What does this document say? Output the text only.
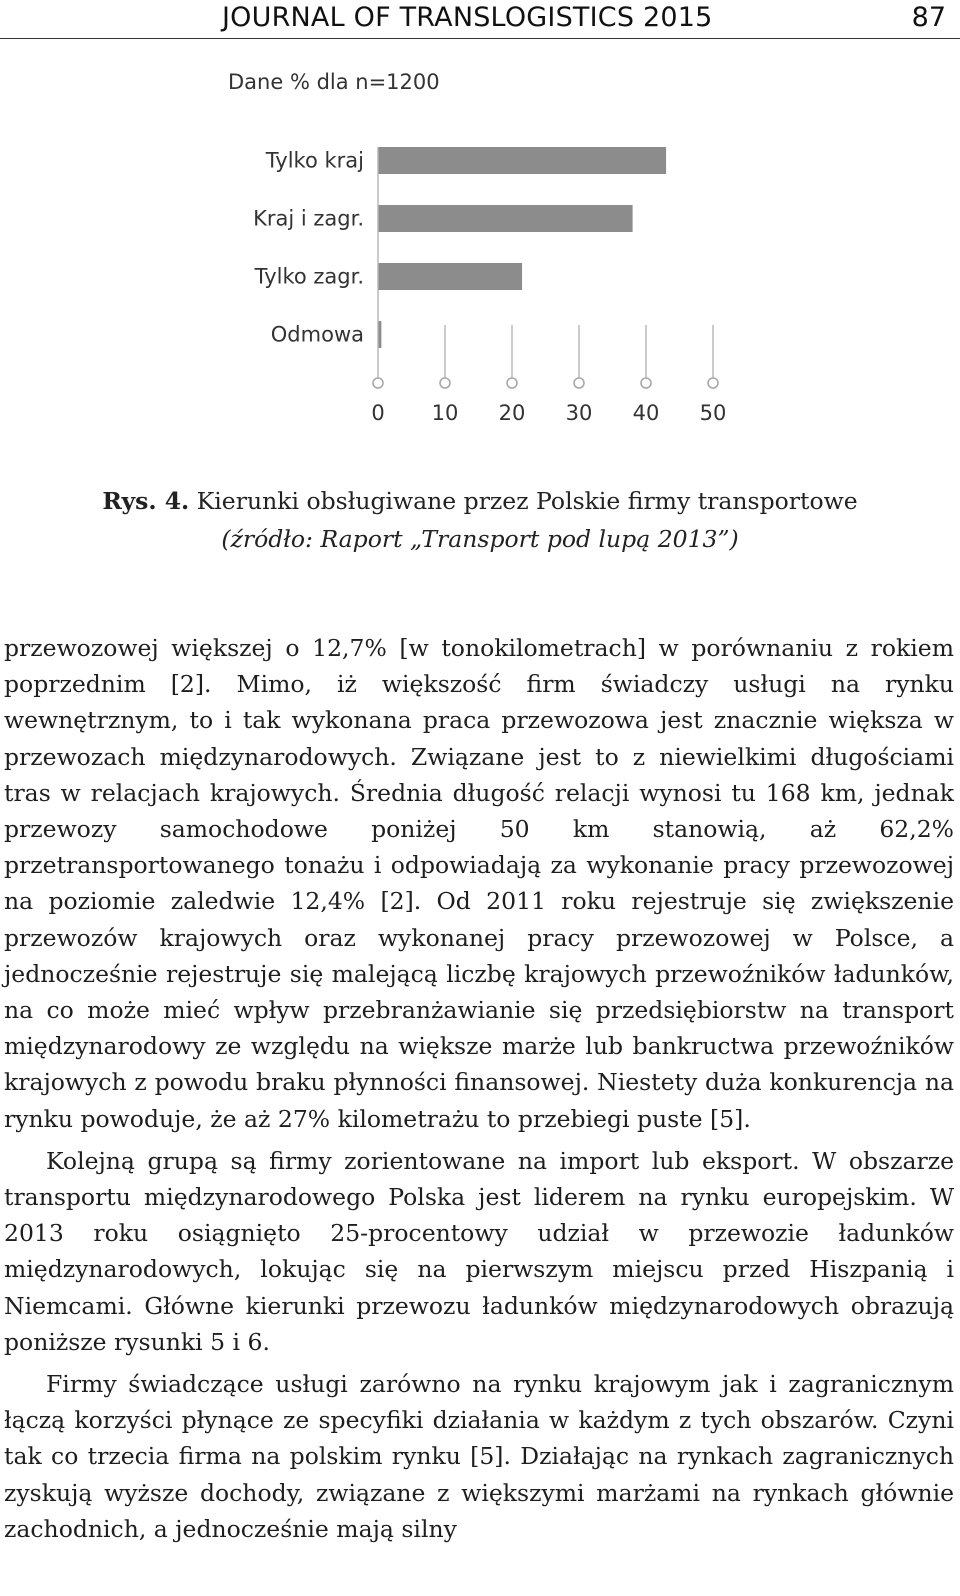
JOURNAL OF TRANSLOGISTICS 2015	87
Dane % dla n=1200
Tylko kraj
Kraj i zagr.
Tylko zagr.
Odmowa
0 10 20 30 40 50
Rys. 4. Kierunki obsługiwane przez Polskie firmy transportowe
(źródło: Raport „Transport pod lupą 2013”)

przewozowej większej o 12,7% [w tonokilometrach] w porównaniu z rokiem poprzednim [2]. Mimo, iż większość firm świadczy usługi na rynku wewnętrznym, to i tak wykonana praca przewozowa jest znacznie większa w przewozach międzynarodowych. Związane jest to z niewielkimi długościami tras w relacjach krajowych. Średnia długość relacji wynosi tu 168 km, jednak przewozy samochodowe poniżej 50 km stanowią, aż 62,2% przetransportowanego tonażu i odpowiadają za wykonanie pracy przewozowej na poziomie zaledwie 12,4% [2]. Od 2011 roku rejestruje się zwiększenie przewozów krajowych oraz wykonanej pracy przewozowej w Polsce, a jednocześnie rejestruje się malejącą liczbę krajowych przewoźników ładunków, na co może mieć wpływ przebranżawianie się przedsiębiorstw na transport międzynarodowy ze względu na większe marże lub bankructwa przewoźników krajowych z powodu braku płynności finansowej. Niestety duża konkurencja na rynku powoduje, że aż 27% kilometrażu to przebiegi puste [5].

Kolejną grupą są firmy zorientowane na import lub eksport. W obszarze transportu międzynarodowego Polska jest liderem na rynku europejskim. W 2013 roku osiągnięto 25-procentowy udział w przewozie ładunków międzynarodowych, lokując się na pierwszym miejscu przed Hiszpanią i Niemcami. Główne kierunki przewozu ładunków międzynarodowych obrazują poniższe rysunki 5 i 6.

Firmy świadczące usługi zarówno na rynku krajowym jak i zagranicznym łączą korzyści płynące ze specyfiki działania w każdym z tych obszarów. Czyni tak co trzecia firma na polskim rynku [5]. Działając na rynkach zagranicznych zyskują wyższe dochody, związane z większymi marżami na rynkach głównie zachodnich, a jednocześnie mają silny
